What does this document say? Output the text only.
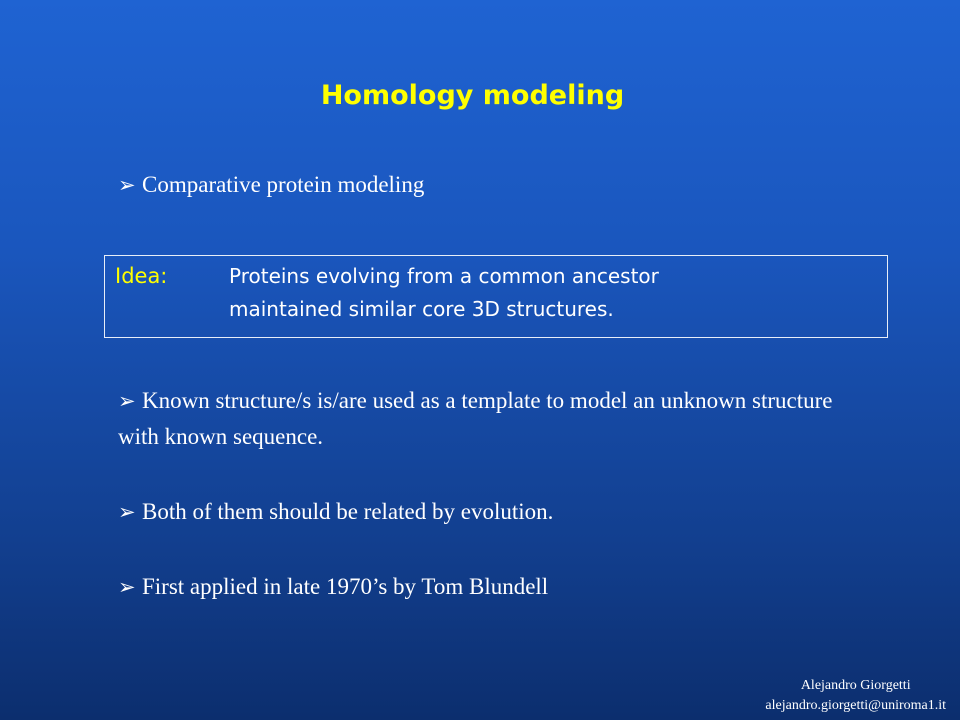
Homology modeling
➢ Comparative protein modeling
Idea:	Proteins evolving from a common ancestor
maintained similar core 3D structures.
➢ Known structure/s is/are used as a template to model an unknown structure with known sequence.
➢ Both of them should be related by evolution.
➢ First applied in late 1970’s by Tom Blundell
Alejandro Giorgetti
alejandro.giorgetti@uniroma1.it
